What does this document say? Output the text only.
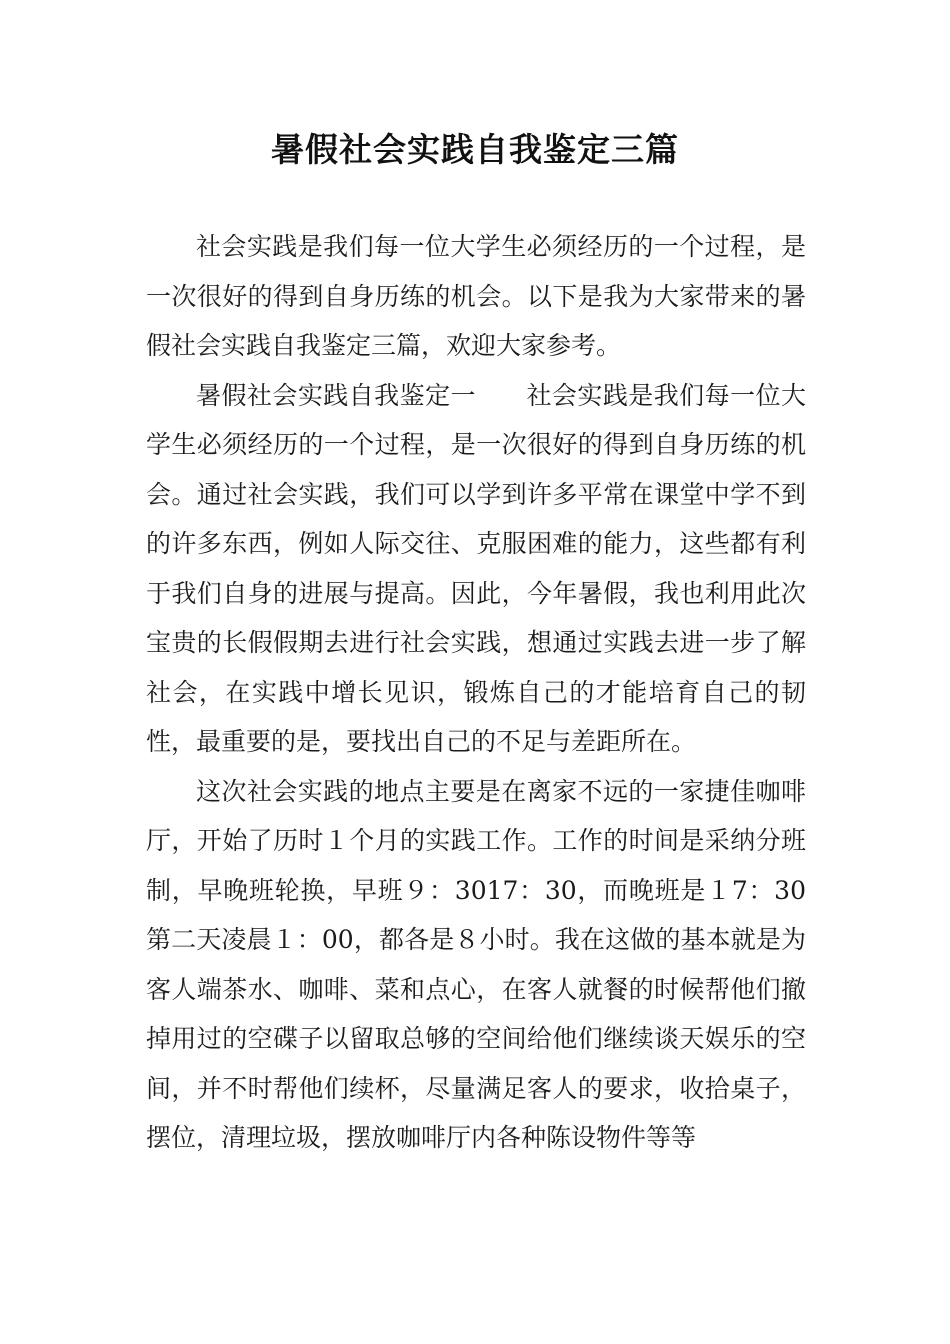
暑假社会实践自我鉴定三篇

社会实践是我们每一位大学生必须经历的一个过程，是一次很好的得到自身历练的机会。以下是我为大家带来的暑假社会实践自我鉴定三篇，欢迎大家参考。

暑假社会实践自我鉴定一 社会实践是我们每一位大学生必须经历的一个过程，是一次很好的得到自身历练的机会。通过社会实践，我们可以学到许多平常在课堂中学不到的许多东西，例如人际交往、克服困难的能力，这些都有利于我们自身的进展与提高。因此，今年暑假，我也利用此次宝贵的长假假期去进行社会实践，想通过实践去进一步了解社会，在实践中增长见识，锻炼自己的才能培育自己的韧性，最重要的是，要找出自己的不足与差距所在。

这次社会实践的地点主要是在离家不远的一家捷佳咖啡厅，开始了历时１个月的实践工作。工作的时间是采纳分班制，早晚班轮换，早班９：3017：30，而晚班是１7：30第二天凌晨１：00，都各是８小时。我在这做的基本就是为客人端茶水、咖啡、菜和点心，在客人就餐的时候帮他们撤掉用过的空碟子以留取总够的空间给他们继续谈天娱乐的空间，并不时帮他们续杯，尽量满足客人的要求，收拾桌子，摆位，清理垃圾，摆放咖啡厅内各种陈设物件等等
